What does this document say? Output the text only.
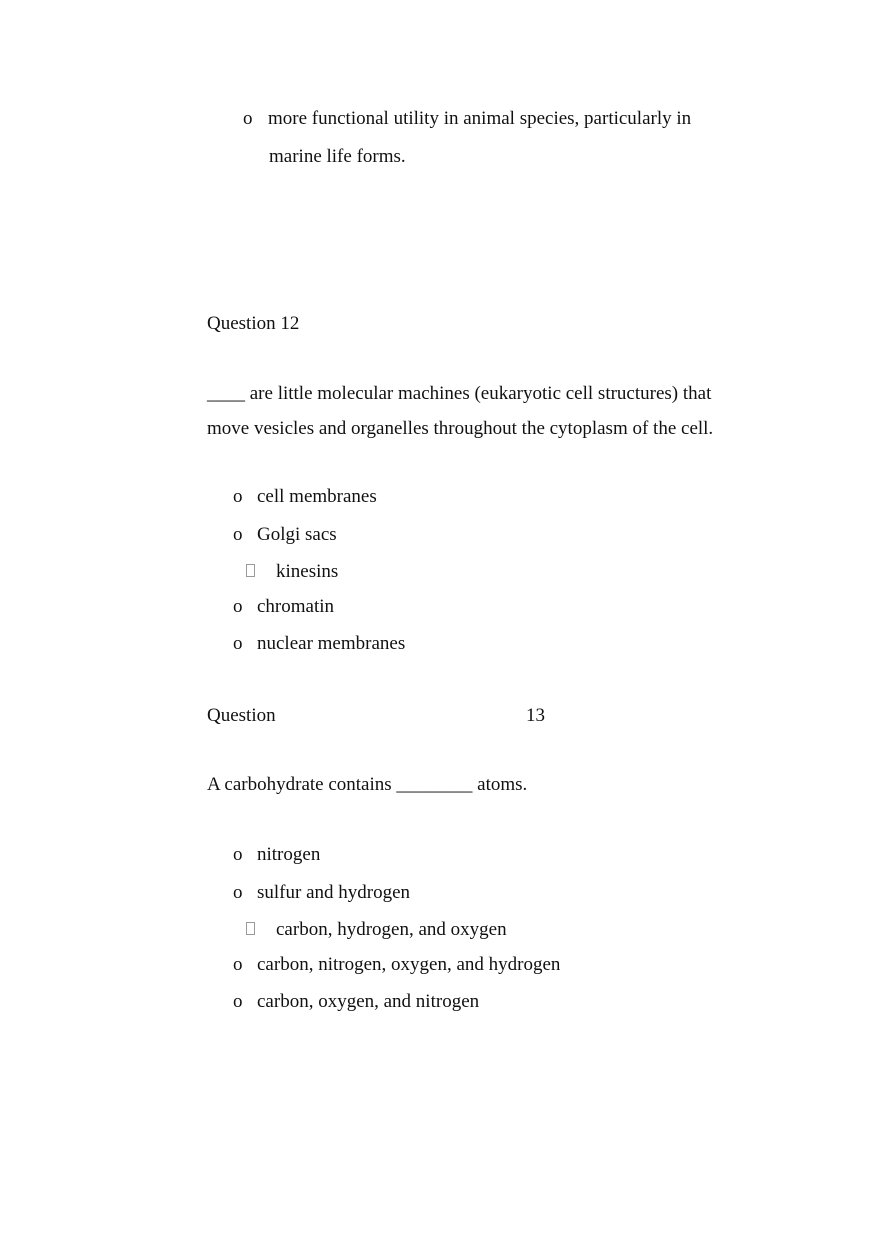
o more functional utility in animal species, particularly in
marine life forms.
Question 12
____ are little molecular machines (eukaryotic cell structures) that
move vesicles and organelles throughout the cytoplasm of the cell.
o cell membranes
o Golgi sacs
kinesins
o chromatin
o nuclear membranes
Question	13
A carbohydrate contains ________ atoms.
o nitrogen
o sulfur and hydrogen
carbon, hydrogen, and oxygen
o carbon, nitrogen, oxygen, and hydrogen
o carbon, oxygen, and nitrogen
